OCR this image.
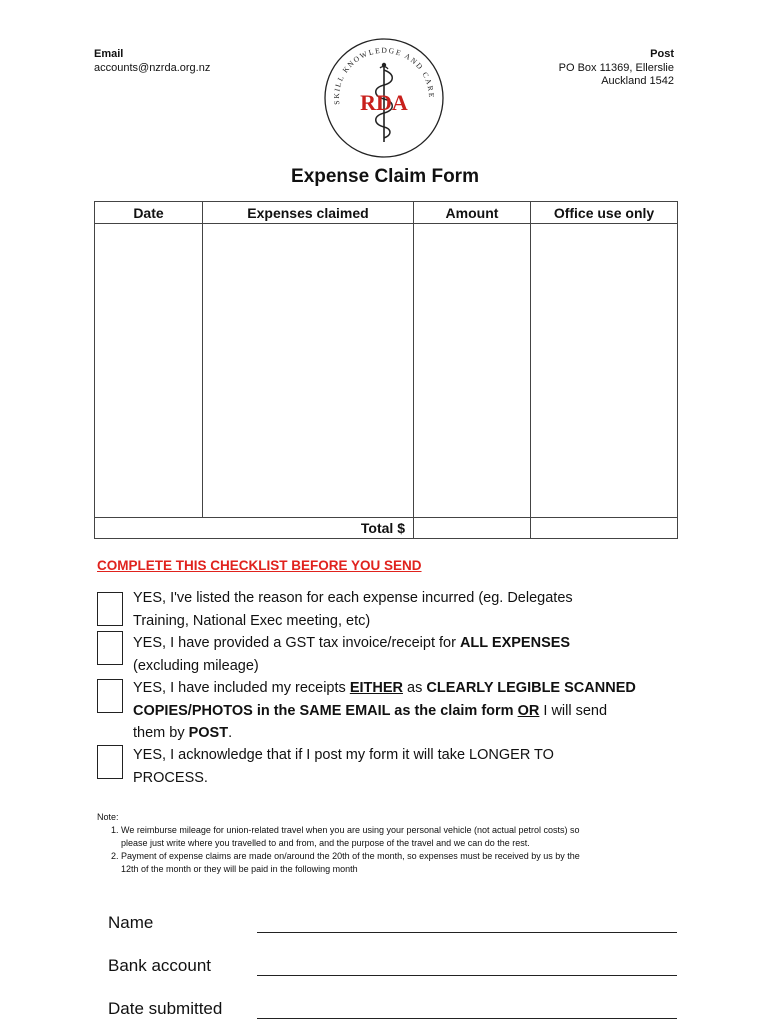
Email
accounts@nzrda.org.nz
Post
PO Box 11369, Ellerslie
Auckland 1542
SKILL KNOWLEDGE AND CARE
RDA
Expense Claim Form
Date	Expenses claimed	Amount	Office use only

Total $			
COMPLETE THIS CHECKLIST BEFORE YOU SEND
YES, I've listed the reason for each expense incurred (eg. Delegates
Training, National Exec meeting, etc)
YES, I have provided a GST tax invoice/receipt for ALL EXPENSES
(excluding mileage)
YES, I have included my receipts EITHER as CLEARLY LEGIBLE SCANNED
COPIES/PHOTOS in the SAME EMAIL as the claim form OR I will send
them by POST.
YES, I acknowledge that if I post my form it will take LONGER TO
PROCESS.
Note:
1. We reimburse mileage for union-related travel when you are using your personal vehicle (not actual petrol costs) so
please just write where you travelled to and from, and the purpose of the travel and we can do the rest.
2. Payment of expense claims are made on/around the 20th of the month, so expenses must be received by us by the
12th of the month or they will be paid in the following month
Name
Bank account
Date submitted
